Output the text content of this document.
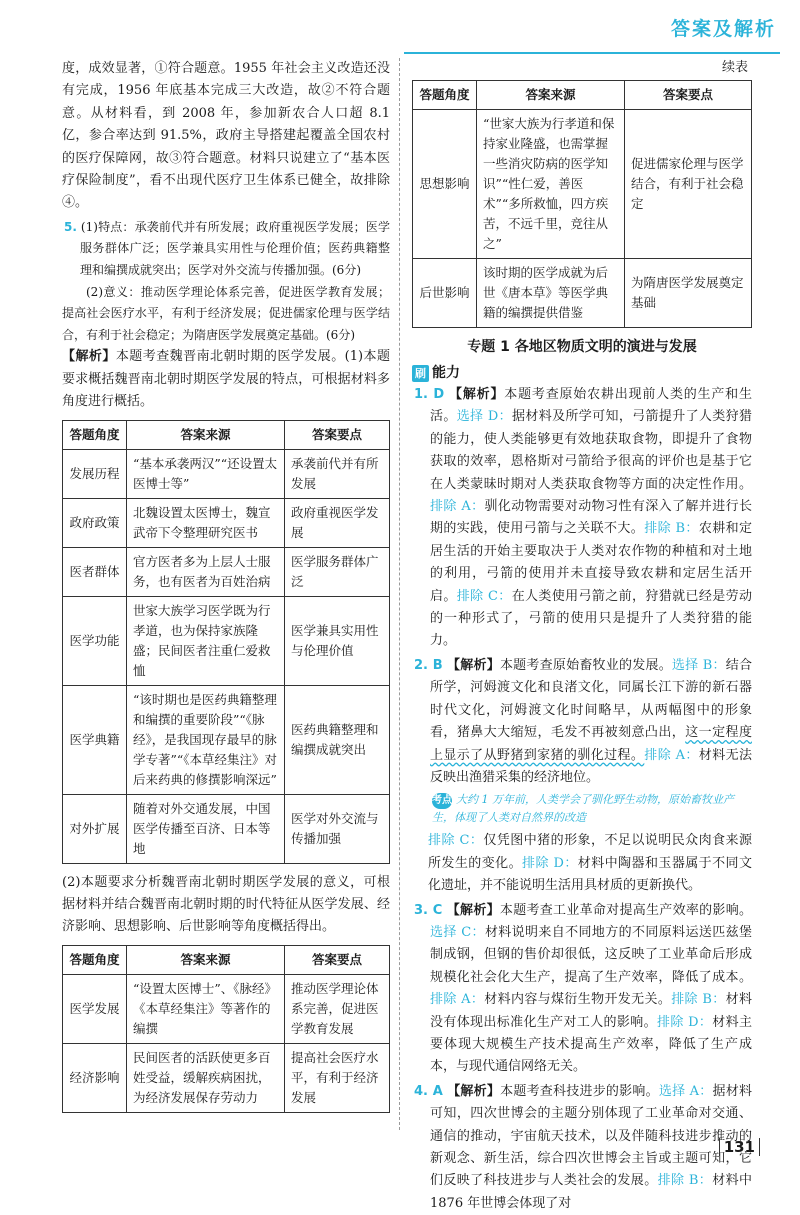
答案及解析

度，成效显著，①符合题意。1955 年社会主义改造还没有完成，1956 年底基本完成三大改造，故②不符合题意。从材料看，到 2008 年，参加新农合人口超 8.1 亿，参合率达到 91.5%，政府主导搭建起覆盖全国农村的医疗保障网，故③符合题意。材料只说建立了“基本医疗保险制度”，看不出现代医疗卫生体系已健全，故排除④。

5. (1)特点：承袭前代并有所发展；政府重视医学发展；医学服务群体广泛；医学兼具实用性与伦理价值；医药典籍整理和编撰成就突出；医学对外交流与传播加强。(6分)
(2)意义：推动医学理论体系完善，促进医学教育发展；提高社会医疗水平，有利于经济发展；促进儒家伦理与医学结合，有利于社会稳定；为隋唐医学发展奠定基础。(6分)
【解析】本题考查魏晋南北朝时期的医学发展。(1)本题要求概括魏晋南北朝时期医学发展的特点，可根据材料多角度进行概括。
答题角度	答案来源	答案要点
发展历程	“基本承袭两汉”“还设置太医博士等”	承袭前代并有所发展
政府政策	北魏设置太医博士，魏宣武帝下令整理研究医书	政府重视医学发展
医者群体	官方医者多为上层人士服务，也有医者为百姓治病	医学服务群体广泛
医学功能	世家大族学习医学既为行孝道，也为保持家族隆盛；民间医者注重仁爱救恤	医学兼具实用性与伦理价值
医学典籍	“该时期也是医药典籍整理和编撰的重要阶段”“《脉经》，是我国现存最早的脉学专著”“《本草经集注》对后来药典的修撰影响深远”	医药典籍整理和编撰成就突出
对外扩展	随着对外交通发展，中国医学传播至百济、日本等地	医学对外交流与传播加强

(2)本题要求分析魏晋南北朝时期医学发展的意义，可根据材料并结合魏晋南北朝时期的时代特征从医学发展、经济影响、思想影响、后世影响等角度概括得出。

答题角度	答案来源	答案要点
医学发展	“设置太医博士”、《脉经》《本草经集注》等著作的编撰	推动医学理论体系完善，促进医学教育发展
经济影响	民间医者的活跃使更多百姓受益，缓解疾病困扰，为经济发展保存劳动力	提高社会医疗水平，有利于经济发展
续表
答题角度	答案来源	答案要点
思想影响	“世家大族为行孝道和保持家业隆盛，也需掌握一些消灾防病的医学知识”“性仁爱，善医术”“多所救恤，四方疾苦，不远千里，竞往从之”	促进儒家伦理与医学结合，有利于社会稳定
后世影响	该时期的医学成就为后世《唐本草》等医学典籍的编撰提供借鉴	为隋唐医学发展奠定基础
专题 1 各地区物质文明的演进与发展
刷 能力
1. D 【解析】本题考查原始农耕出现前人类的生产和生活。选择 D：据材料及所学可知，弓箭提升了人类狩猎的能力，使人类能够更有效地获取食物，即提升了食物获取的效率，恩格斯对弓箭给予很高的评价也是基于它在人类蒙昧时期对人类获取食物等方面的决定性作用。排除 A：驯化动物需要对动物习性有深入了解并进行长期的实践，使用弓箭与之关联不大。排除 B：农耕和定居生活的开始主要取决于人类对农作物的种植和对土地的利用，弓箭的使用并未直接导致农耕和定居生活开启。排除 C：在人类使用弓箭之前，狩猎就已经是劳动的一种形式了，弓箭的使用只是提升了人类狩猎的能力。
2. B 【解析】本题考查原始畜牧业的发展。选择 B：结合所学，河姆渡文化和良渚文化，同属长江下游的新石器时代文化，河姆渡文化时间略早，从两幅图中的形象看，猪鼻大大缩短，毛发不再被刻意凸出，这一定程度上显示了从野猪到家猪的驯化过程。排除 A：材料无法反映出渔猎采集的经济地位。
考点 大约 1 万年前，人类学会了驯化野生动物，原始畜牧业产生，体现了人类对自然界的改造
排除 C：仅凭图中猪的形象，不足以说明民众肉食来源所发生的变化。排除 D：材料中陶器和玉器属于不同文化遗址，并不能说明生活用具材质的更新换代。
3. C 【解析】本题考查工业革命对提高生产效率的影响。选择 C：材料说明来自不同地方的不同原料运送匹兹堡制成钢，但钢的售价却很低，这反映了工业革命后形成规模化社会化大生产，提高了生产效率，降低了成本。排除 A：材料内容与煤衍生物开发无关。排除 B：材料没有体现出标准化生产对工人的影响。排除 D：材料主要体现大规模生产技术提高生产效率，降低了生产成本，与现代通信网络无关。
4. A 【解析】本题考查科技进步的影响。选择 A：据材料可知，四次世博会的主题分别体现了工业革命对交通、通信的推动，宇宙航天技术，以及伴随科技进步推动的新观念、新生活，综合四次世博会主旨或主题可知，它们反映了科技进步与人类社会的发展。排除 B：材料中 1876 年世博会体现了对
131
